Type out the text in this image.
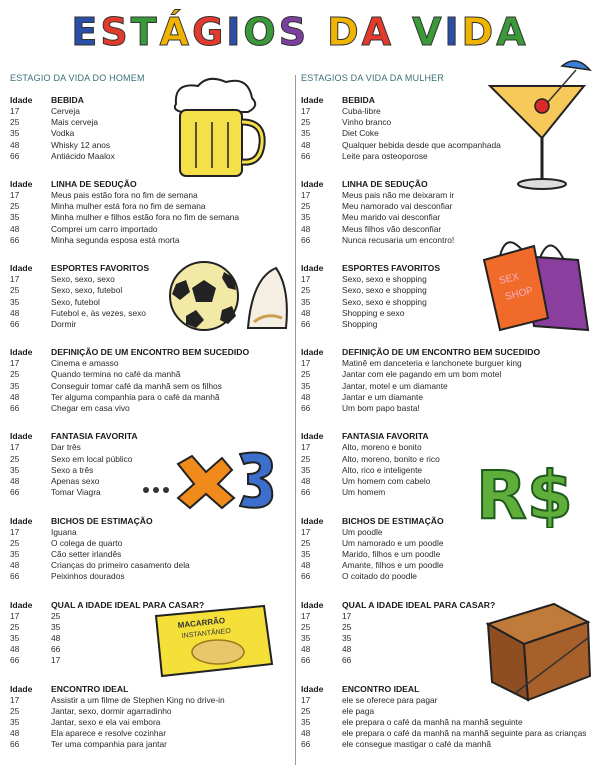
ESTÁGIOS DA VIDA
ESTAGIO DA VIDA DO HOMEM
Idade BEBIDA
17	Cerveja
25	Mais cerveja
35	Vodka
48	Whisky 12 anos
66	Antiácido Maalox
Idade LINHA DE SEDUÇÃO
17	Meus pais estão fora no fim de semana
25	Minha mulher está fora no fim de semana
35	Minha mulher e filhos estão fora no fim de semana
48	Comprei um carro importado
66	Minha segunda esposa está morta
Idade ESPORTES FAVORITOS
17	Sexo, sexo, sexo
25	Sexo, sexo, futebol
35	Sexo, futebol
48	Futebol e, às vezes, sexo
66	Dormir
Idade DEFINIÇÃO DE UM ENCONTRO BEM SUCEDIDO
17	Cinema e amasso
25	Quando termina no café da manhã
35	Conseguir tomar café da manhã sem os filhos
48	Ter alguma companhia para o café da manhã
66	Chegar em casa vivo
Idade FANTASIA FAVORITA
17	Dar três
25	Sexo em local público
35	Sexo a três
48	Apenas sexo
66	Tomar Viagra
Idade BICHOS DE ESTIMAÇÃO
17	Iguana
25	O colega de quarto
35	Cão setter irlandês
48	Crianças do primeiro casamento dela
66	Peixinhos dourados
Idade QUAL A IDADE IDEAL PARA CASAR?
17	25
25	35
35	48
48	66
66	17
Idade ENCONTRO IDEAL
17	Assistir a um filme de Stephen King no drive-in
25	Jantar, sexo, dormir agarradinho
35	Jantar, sexo e ela vai embora
48	Ela aparece e resolve cozinhar
66	Ter uma companhia para jantar
ESTAGIOS DA VIDA DA MULHER
Idade BEBIDA
17	Cuba-libre
25	Vinho branco
35	Diet Coke
48	Qualquer bebida desde que acompanhada
66	Leite para osteoporose
Idade LINHA DE SEDUÇÃO
17	Meus pais não me deixaram ir
25	Meu namorado vai desconfiar
35	Meu marido vai desconfiar
48	Meus filhos vão desconfiar
66	Nunca recusaria um encontro!
Idade ESPORTES FAVORITOS
17	Sexo, sexo e shopping
25	Sexo, sexo e shopping
35	Sexo, sexo e shopping
48	Shopping e sexo
66	Shopping
Idade DEFINIÇÃO DE UM ENCONTRO BEM SUCEDIDO
17	Matinê em danceteria e lanchonete burguer king
25	Jantar com ele pagando em um bom motel
35	Jantar, motel e um diamante
48	Jantar e um diamante
66	Um bom papo basta!
Idade FANTASIA FAVORITA
17	Alto, moreno e bonito
25	Alto, moreno, bonito e rico
35	Alto, rico e inteligente
48	Um homem com cabelo
66	Um homem
Idade BICHOS DE ESTIMAÇÃO
17	Um poodle
25	Um namorado e um poodle
35	Marido, filhos e um poodle
48	Amante, filhos e um poodle
66	O coitado do poodle
Idade QUAL A IDADE IDEAL PARA CASAR?
17	17
25	25
35	35
48	48
66	66
Idade ENCONTRO IDEAL
17	ele se oferece para pagar
25	ele paga
35	ele prepara o café da manhã na manhã seguinte
48	ele prepara o café da manhã na manhã seguinte para as crianças
66	ele consegue mastigar o café da manhã
MACARRÃO
INSTANTÂNEO
SEX
SHOP
R$
